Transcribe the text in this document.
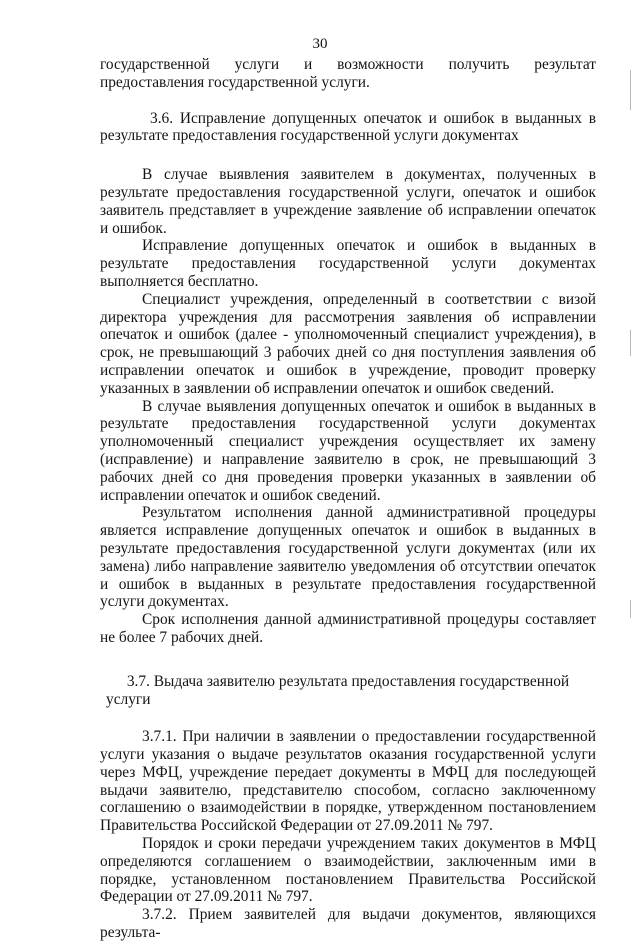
30

государственной услуги и возможности получить результат предоставления государственной услуги.

3.6. Исправление допущенных опечаток и ошибок в выданных в результате предоставления государственной услуги документах

В случае выявления заявителем в документах, полученных в результате предоставления государственной услуги, опечаток и ошибок заявитель представляет в учреждение заявление об исправлении опечаток и ошибок.

Исправление допущенных опечаток и ошибок в выданных в результате предоставления государственной услуги документах выполняется бесплатно.

Специалист учреждения, определенный в соответствии с визой директора учреждения для рассмотрения заявления об исправлении опечаток и ошибок (далее - уполномоченный специалист учреждения), в срок, не превышающий 3 рабочих дней со дня поступления заявления об исправлении опечаток и ошибок в учреждение, проводит проверку указанных в заявлении об исправлении опечаток и ошибок сведений.

В случае выявления допущенных опечаток и ошибок в выданных в результате предоставления государственной услуги документах уполномоченный специалист учреждения осуществляет их замену (исправление) и направление заявителю в срок, не превышающий 3 рабочих дней со дня проведения проверки указанных в заявлении об исправлении опечаток и ошибок сведений.

Результатом исполнения данной административной процедуры является исправление допущенных опечаток и ошибок в выданных в результате предоставления государственной услуги документах (или их замена) либо направление заявителю уведомления об отсутствии опечаток и ошибок в выданных в результате предоставления государственной услуги документах.

Срок исполнения данной административной процедуры составляет не более 7 рабочих дней.

3.7. Выдача заявителю результата предоставления государственной услуги

3.7.1. При наличии в заявлении о предоставлении государственной услуги указания о выдаче результатов оказания государственной услуги через МФЦ, учреждение передает документы в МФЦ для последующей выдачи заявителю, представителю способом, согласно заключенному соглашению о взаимодействии в порядке, утвержденном постановлением Правительства Российской Федерации от 27.09.2011 № 797.

Порядок и сроки передачи учреждением таких документов в МФЦ определяются соглашением о взаимодействии, заключенным ими в порядке, установленном постановлением Правительства Российской Федерации от 27.09.2011 № 797.

3.7.2. Прием заявителей для выдачи документов, являющихся результа-
